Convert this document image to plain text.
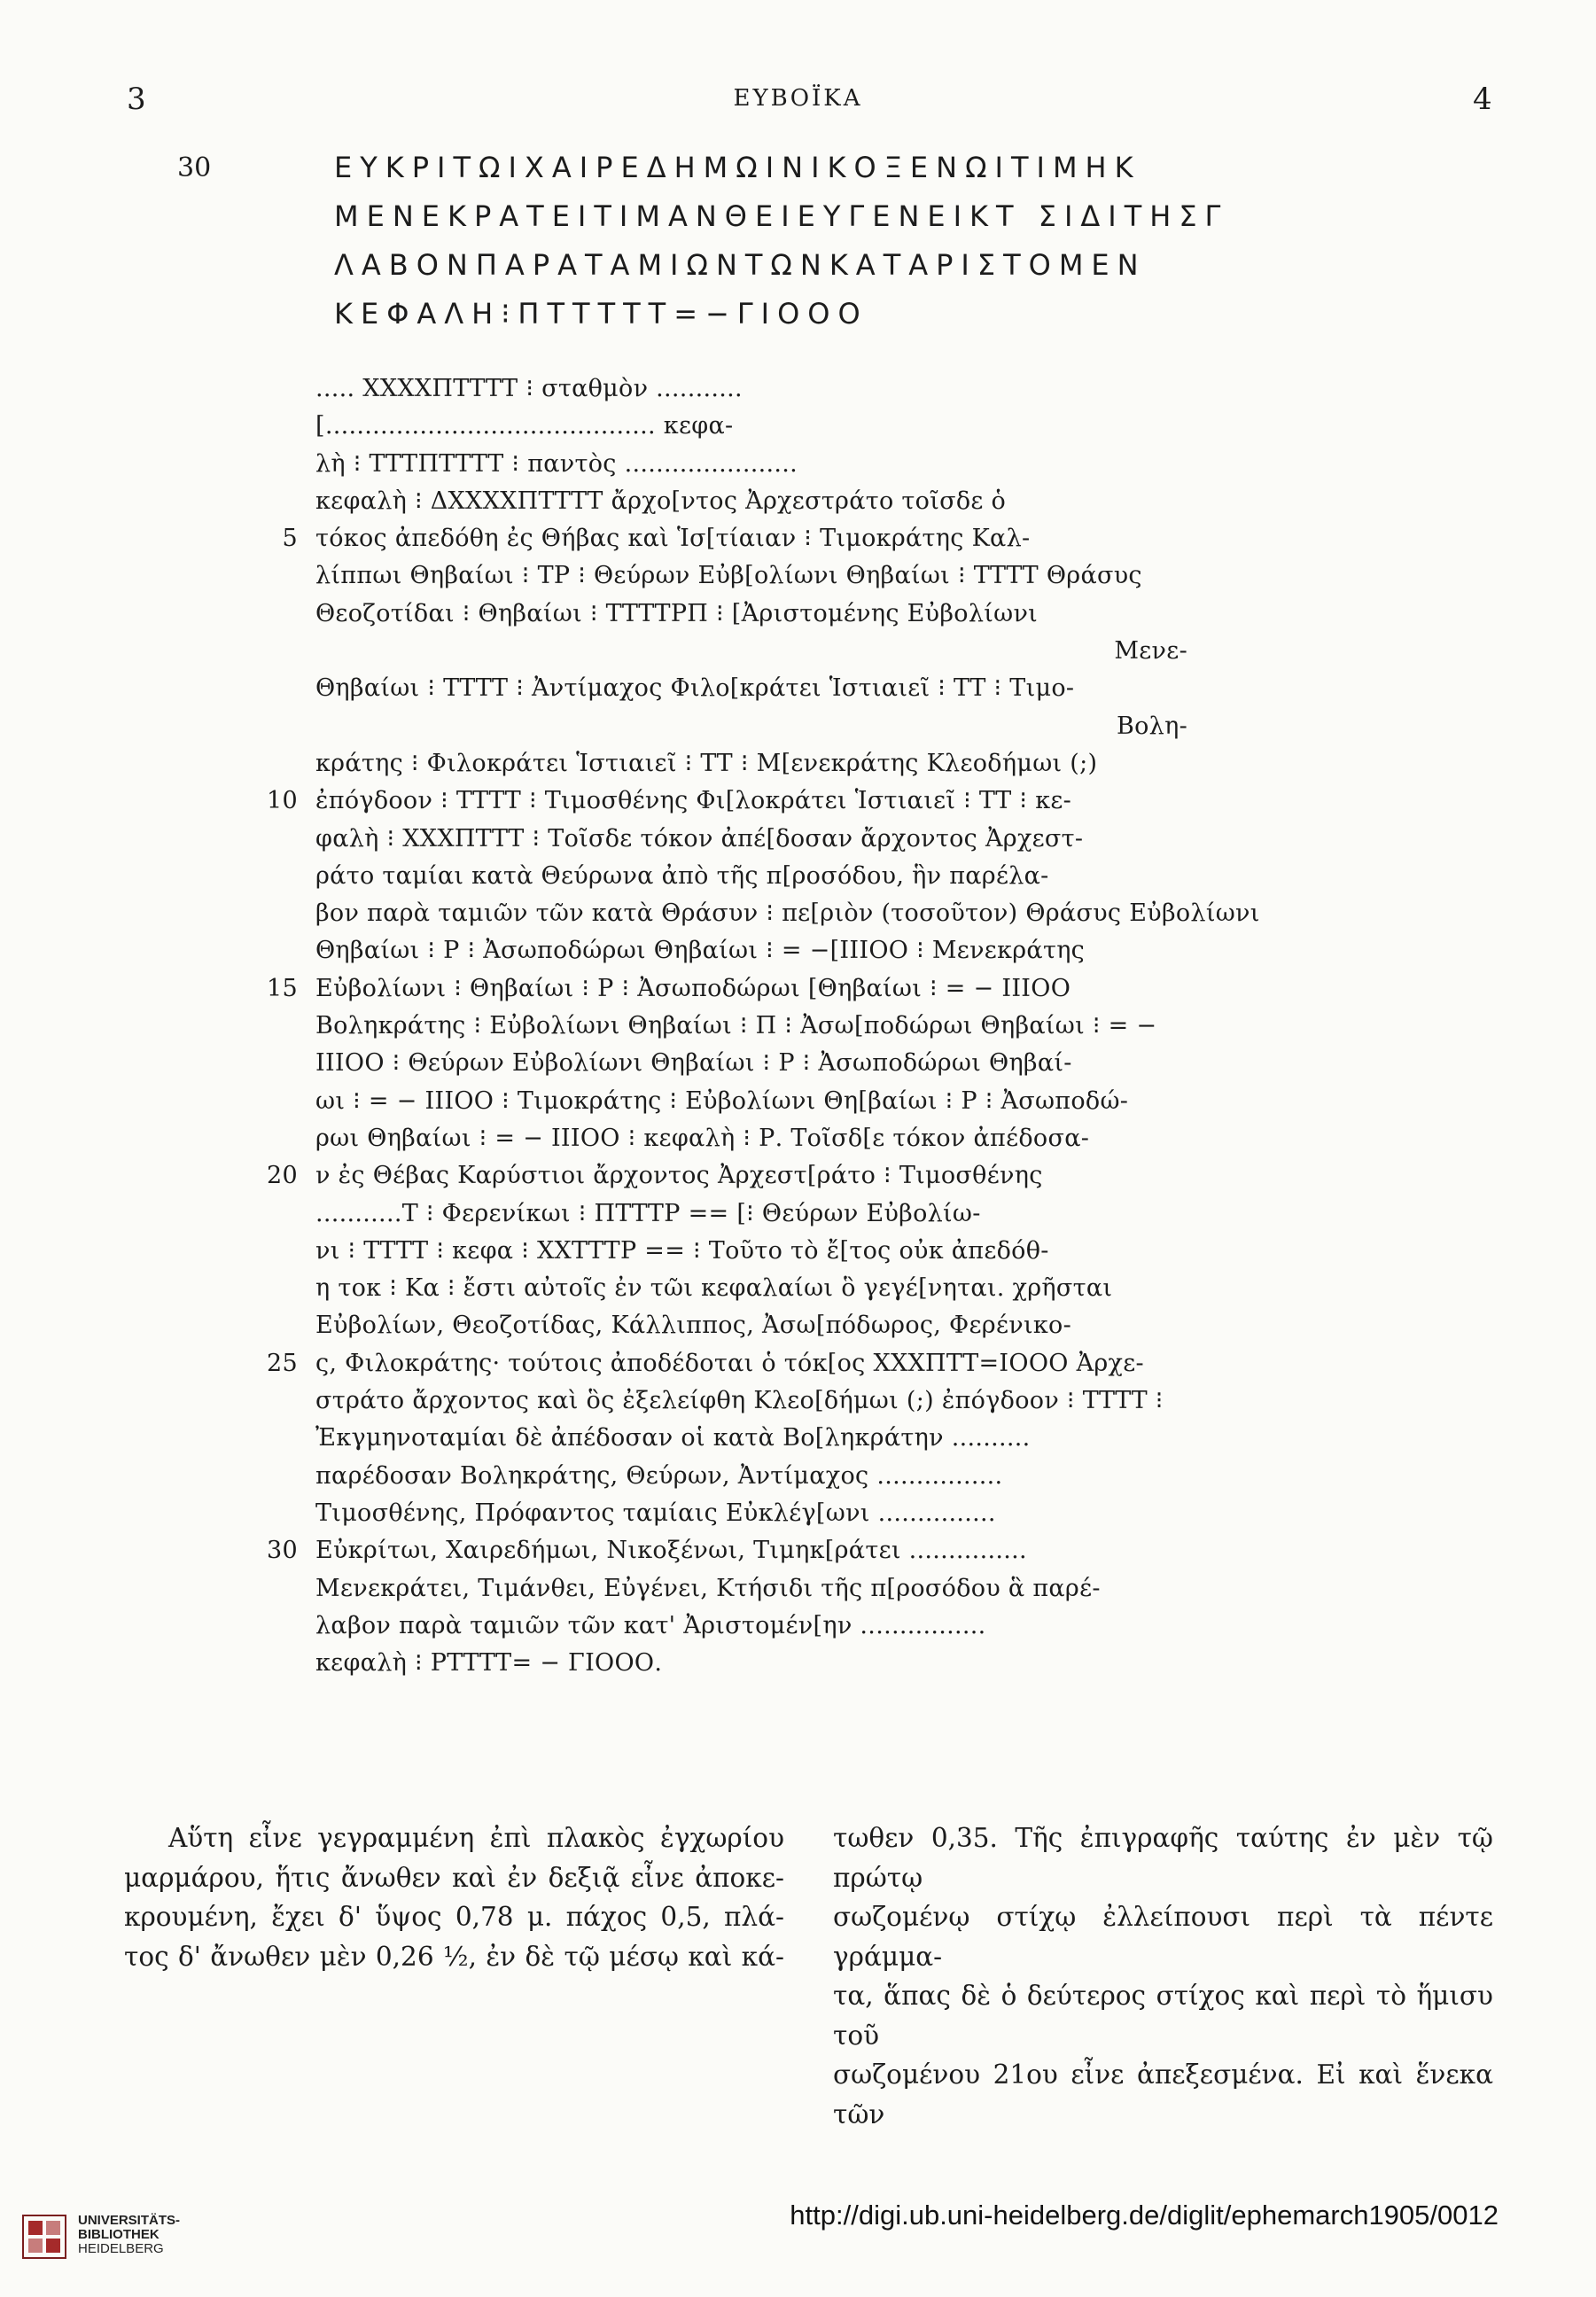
3	ΕΥΒΟΪΚΑ	4
30	ΕΥΚΡΙΤΩΙΧΑΙΡΕΔΗΜΩΙΝΙΚΟΞΕΝΩΙΤΙΜΗΚ
ΜΕΝΕΚΡΑΤΕΙΤΙΜΑΝΘΕΙΕΥΓΕΝΕΙΚΤ ΣΙΔΙΤΗΣΓ
ΛΑΒΟΝΠΑΡΑΤΑΜΙΩΝΤΩΝΚΑΤΑΡΙΣΤΟΜΕΝ
ΚΕΦΑΛΗ⁝ΠΤΤΤΤΤ=−ΓΙΟΟΟ
..... ΧΧΧΧΠΤΤΤΤ ⁝ σταθμὸν ...........
[.......................................... κεφα-
λὴ ⁝ ΤΤΤΠΤΤΤΤ ⁝ παντὸς ......................
κεφαλὴ ⁝ ΔΧΧΧΧΠΤΤΤΤ ἄρχο[ντος Ἀρχεστράτο τοῖσδε ὁ
5 τόκος ἀπεδόθη ἐς Θήβας καὶ Ἱσ[τίαιαν ⁝ Τιμοκράτης Καλ-
λίππωι Θηβαίωι ⁝ ΤΡ ⁝ Θεύρων Εὐβ[ολίωνι Θηβαίωι ⁝ ΤΤΤΤ Θράσυς
Θεοζοτίδαι ⁝ Θηβαίωι ⁝ ΤΤΤΤΡΠ ⁝ [Ἀριστομένης Εὐβολίωνι
Μενε-
Θηβαίωι ⁝ ΤΤΤΤ ⁝ Ἀντίμαχος Φιλο[κράτει Ἱστιαιεῖ ⁝ ΤΤ ⁝ Τιμο-
Βολη-
κράτης ⁝ Φιλοκράτει Ἱστιαιεῖ ⁝ ΤΤ ⁝ Μ[ενεκράτης Κλεοδήμωι (;)
10 ἐπόγδοον ⁝ ΤΤΤΤ ⁝ Τιμοσθένης Φι[λοκράτει Ἱστιαιεῖ ⁝ ΤΤ ⁝ κε-
φαλὴ ⁝ ΧΧΧΠΤΤΤ ⁝ Τοῖσδε τόκον ἀπέ[δοσαν ἄρχοντος Ἀρχεστ-
ράτο ταμίαι κατὰ Θεύρωνα ἀπὸ τῆς π[ροσόδου, ἣν παρέλα-
βον παρὰ ταμιῶν τῶν κατὰ Θράσυν ⁝ πε[ριὸν (τοσοῦτον) Θράσυς Εὐβολίωνι
Θηβαίωι ⁝ Ρ ⁝ Ἀσωποδώρωι Θηβαίωι ⁝ = −[ΙΙΙΟΟ ⁝ Μενεκράτης
15 Εὐβολίωνι ⁝ Θηβαίωι ⁝ Ρ ⁝ Ἀσωποδώρωι [Θηβαίωι ⁝ = − ΙΙΙΟΟ
Βοληκράτης ⁝ Εὐβολίωνι Θηβαίωι ⁝ Π ⁝ Ἀσω[ποδώρωι Θηβαίωι ⁝ = −
ΙΙΙΟΟ ⁝ Θεύρων Εὐβολίωνι Θηβαίωι ⁝ Ρ ⁝ Ἀσωποδώρωι Θηβαί-
ωι ⁝ = − ΙΙΙΟΟ ⁝ Τιμοκράτης ⁝ Εὐβολίωνι Θη[βαίωι ⁝ Ρ ⁝ Ἀσωποδώ-
ρωι Θηβαίωι ⁝ = − ΙΙΙΟΟ ⁝ κεφαλὴ ⁝ Ρ. Τοῖσδ[ε τόκον ἀπέδοσα-
20 ν ἐς Θέβας Καρύστιοι ἄρχοντος Ἀρχεστ[ράτο ⁝ Τιμοσθένης
...........Τ ⁝ Φερενίκωι ⁝ ΠΤΤΤΡ == [⁝ Θεύρων Εὐβολίω-
νι ⁝ ΤΤΤΤ ⁝ κεφα ⁝ ΧΧΤΤΤΡ == ⁝ Τοῦτο τὸ ἔ[τος οὐκ ἀπεδόθ-
η τοκ ⁝ Κα ⁝ ἔστι αὐτοῖς ἐν τῶι κεφαλαίωι ὃ γεγέ[νηται. χρῆσται
Εὐβολίων, Θεοζοτίδας, Κάλλιππος, Ἀσω[πόδωρος, Φερένικο-
25 ς, Φιλοκράτης· τούτοις ἀποδέδοται ὁ τόκ[ος ΧΧΧΠΤΤ=ΙΟΟΟ Ἀρχε-
στράτο ἄρχοντος καὶ ὃς ἐξελείφθη Κλεο[δήμωι (;) ἐπόγδοον ⁝ ΤΤΤΤ ⁝
Ἐκγμηνοταμίαι δὲ ἀπέδοσαν οἱ κατὰ Βο[ληκράτην ..........
παρέδοσαν Βοληκράτης, Θεύρων, Ἀντίμαχος ................
Τιμοσθένης, Πρόφαντος ταμίαις Εὐκλέγ[ωνι ...............
30 Εὐκρίτωι, Χαιρεδήμωι, Νικοξένωι, Τιμηκ[ράτει ...............
Μενεκράτει, Τιμάνθει, Εὐγένει, Κτήσιδι τῆς π[ροσόδου ἃ παρέ-
λαβον παρὰ ταμιῶν τῶν κατ' Ἀριστομέν[ην ................
κεφαλὴ ⁝ ΡΤΤΤΤ= − ΓΙΟΟΟ.

Αὕτη εἶνε γεγραμμένη ἐπὶ πλακὸς ἐγχωρίου

μαρμάρου, ἥτις ἄνωθεν καὶ ἐν δεξιᾷ εἶνε ἀποκε-

κρουμένη, ἔχει δ' ὕψος 0,78 μ. πάχος 0,5, πλά-

τος δ' ἄνωθεν μὲν 0,26 ½, ἐν δὲ τῷ μέσῳ καὶ κά-

τωθεν 0,35. Τῆς ἐπιγραφῆς ταύτης ἐν μὲν τῷ πρώτῳ

σωζομένῳ στίχῳ ἐλλείπουσι περὶ τὰ πέντε γράμμα-

τα, ἅπας δὲ ὁ δεύτερος στίχος καὶ περὶ τὸ ἥμισυ τοῦ

σωζομένου 21ου εἶνε ἀπεξεσμένα. Εἰ καὶ ἕνεκα τῶν

UNIVERSITÄTS-
BIBLIOTHEK
HEIDELBERG
http://digi.ub.uni-heidelberg.de/diglit/ephemarch1905/0012
